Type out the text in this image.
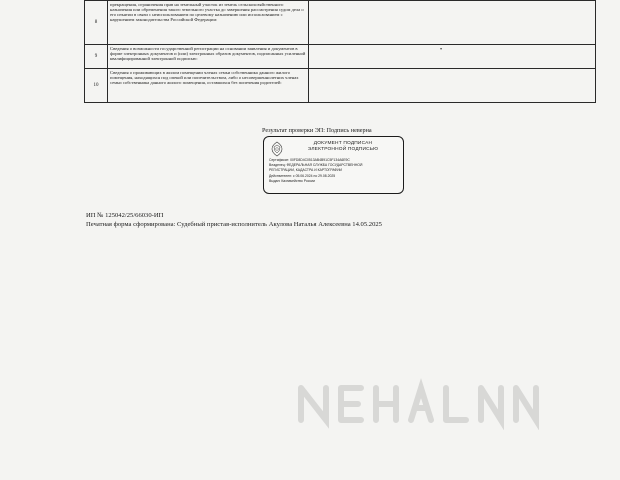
8	прекращения, ограничения прав на земельный участок из земель сельскохозяйственного назначения или обременения такого земельного участка до завершения рассмотрения судом дела о его изъятии в связи с неиспользованием по целевому назначению или использованием с нарушением законодательства Российской Федерации:	
9	Сведения о возможности государственной регистрации на основании заявления и документов в форме электронных документов и (или) электронных образов документов, подписанных усиленной квалифицированной электронной подписью:	•

10	Сведения о проживающих в жилом помещении членах семьи собственника данного жилого помещения, находящихся под опекой или попечительством, либо о несовершеннолетних членах семьи собственника данного жилого помещения, оставшихся без попечения родителей:	
Результат проверки ЭП: Подпись неверна
ДОКУМЕНТ ПОДПИСАН
ЭЛЕКТРОННОЙ ПОДПИСЬЮ
Сертификат: 00FD8D4C0513AB4B91C5F134A6E9C
Владелец: ФЕДЕРАЛЬНАЯ СЛУЖБА ГОСУДАРСТВЕННОЙ
РЕГИСТРАЦИИ, КАДАСТРА И КАРТОГРАФИИ
Действителен: с 05.06.2024 по 29.08.2025
Выдан: Казначейство России
ИП № 125042/25/66030-ИП
Печатная форма сформирована: Судебный пристав-исполнитель Акулова Наталья Алексеевна 14.05.2025
